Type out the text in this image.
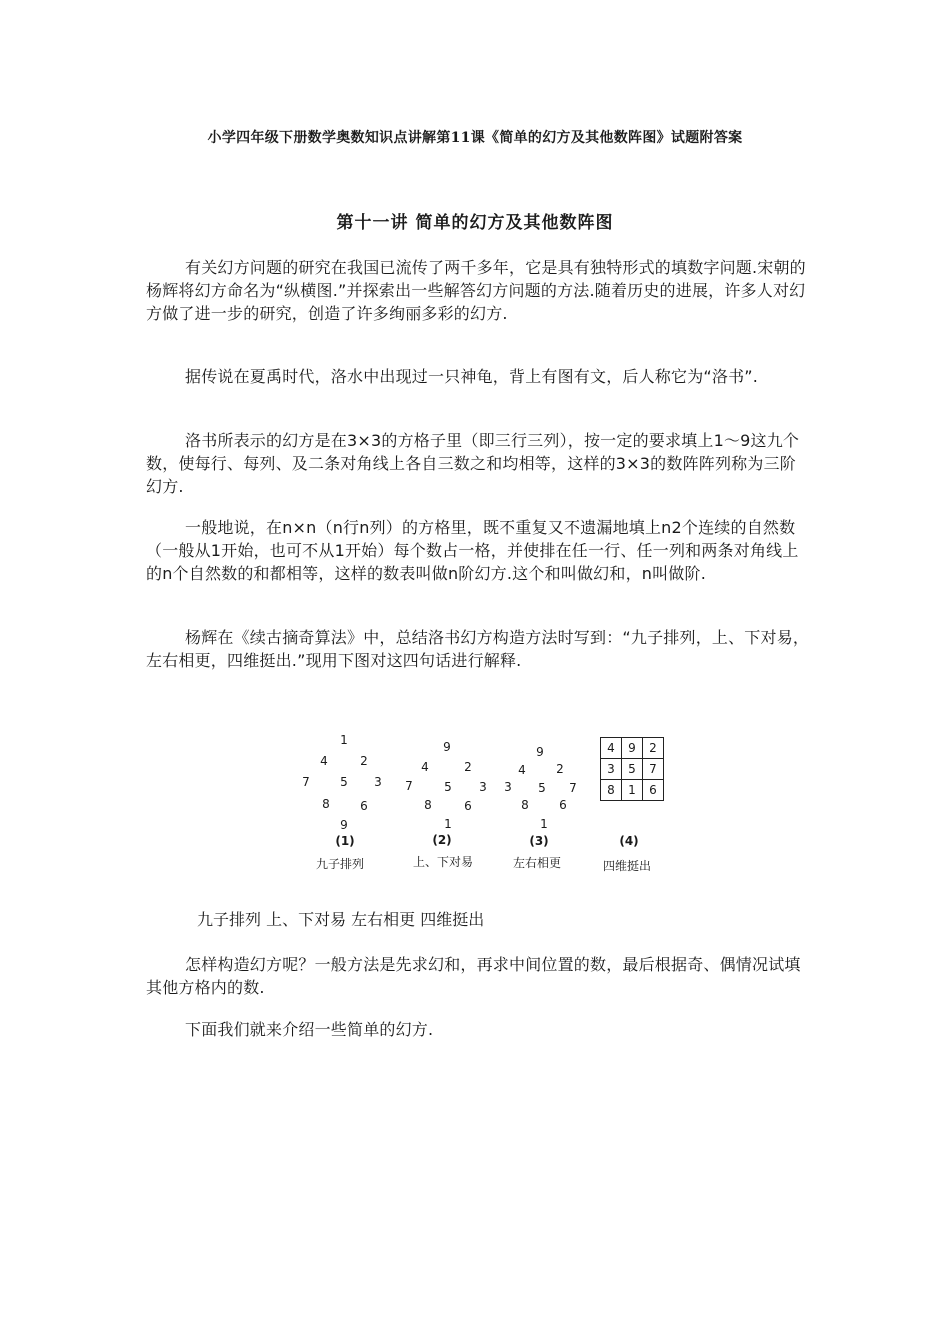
小学四年级下册数学奥数知识点讲解第11课《简单的幻方及其他数阵图》试题附答案
第十一讲 简单的幻方及其他数阵图

有关幻方问题的研究在我国已流传了两千多年，它是具有独特形式的填数字问题.宋朝的杨辉将幻方命名为“纵横图.”并探索出一些解答幻方问题的方法.随着历史的进展，许多人对幻方做了进一步的研究，创造了许多绚丽多彩的幻方.

据传说在夏禹时代，洛水中出现过一只神龟，背上有图有文，后人称它为“洛书”.

洛书所表示的幻方是在3×3的方格子里（即三行三列），按一定的要求填上1～9这九个数，使每行、每列、及二条对角线上各自三数之和均相等，这样的3×3的数阵阵列称为三阶幻方.

一般地说，在n×n（n行n列）的方格里，既不重复又不遗漏地填上n2个连续的自然数（一般从1开始，也可不从1开始）每个数占一格，并使排在任一行、任一列和两条对角线上的n个自然数的和都相等，这样的数表叫做n阶幻方.这个和叫做幻和，n叫做阶.

杨辉在《续古摘奇算法》中，总结洛书幻方构造方法时写到：“九子排列，上、下对易，左右相更，四维挺出.”现用下图对这四句话进行解释.

1
4	2
7	5 3
8	6
9
(1)
九子排列
9
4	2
7	5 3
8	6
1
(2)
上、下对易
9
4	2
3 5 7
8	6
1
(3)
左右相更
4	9	2
3	5	7
8	1	6
(4)
四维挺出

九子排列 上、下对易 左右相更 四维挺出

怎样构造幻方呢？一般方法是先求幻和，再求中间位置的数，最后根据奇、偶情况试填其他方格内的数.

下面我们就来介绍一些简单的幻方.
